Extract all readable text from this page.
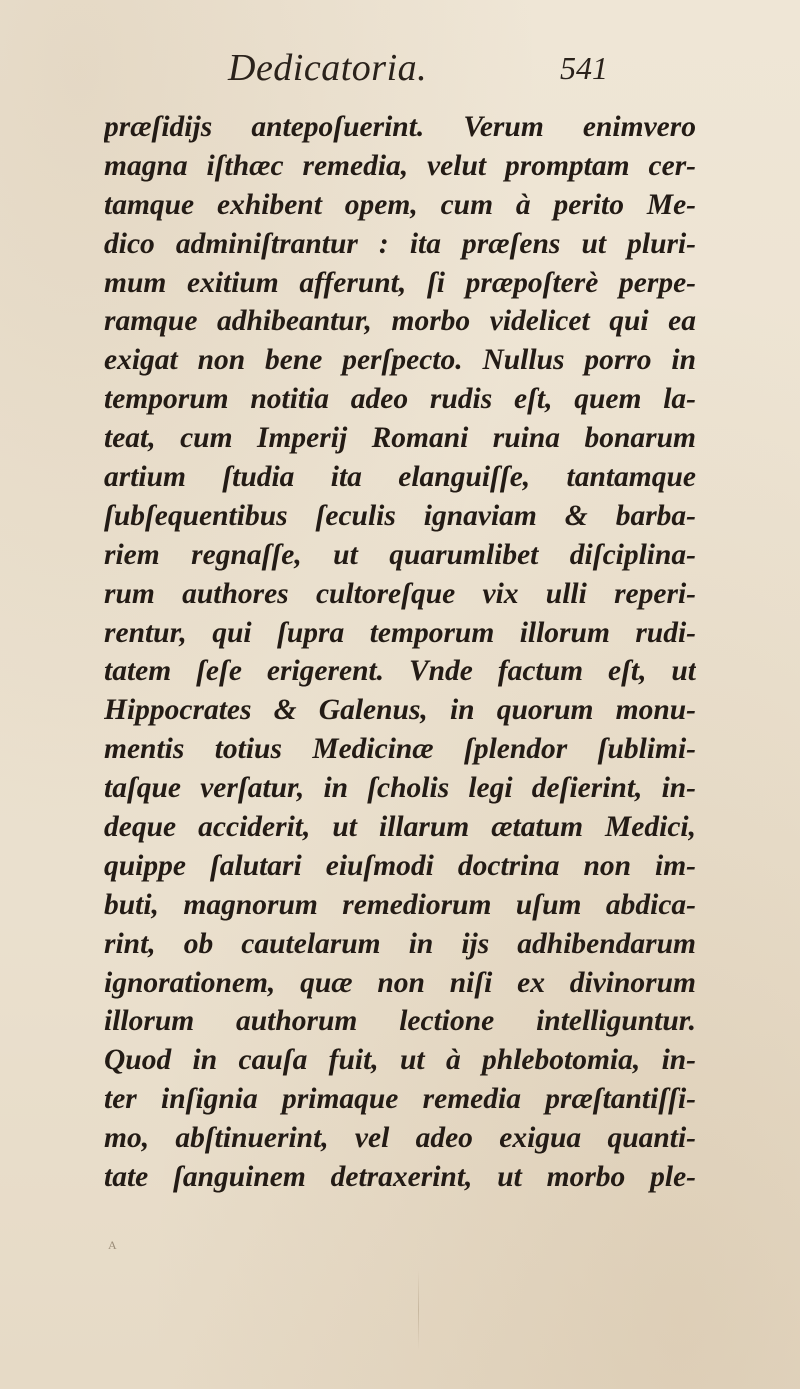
Dedicatoria.	541
præſidijs antepoſuerint. Verum enimvero
magna iſthæc remedia, velut promptam cer-
tamque exhibent opem, cum à perito Me-
dico adminiſtrantur : ita præſens ut pluri-
mum exitium afferunt, ſi præpoſterè perpe-
ramque adhibeantur, morbo videlicet qui ea
exigat non bene perſpecto. Nullus porro in
temporum notitia adeo rudis eſt, quem la-
teat, cum Imperij Romani ruina bonarum
artium ſtudia ita elanguiſſe, tantamque
ſubſequentibus ſeculis ignaviam & barba-
riem regnaſſe, ut quarumlibet diſciplina-
rum authores cultoreſque vix ulli reperi-
rentur, qui ſupra temporum illorum rudi-
tatem ſeſe erigerent. Vnde factum eſt, ut
Hippocrates & Galenus, in quorum monu-
mentis totius Medicinæ ſplendor ſublimi-
taſque verſatur, in ſcholis legi deſierint, in-
deque acciderit, ut illarum ætatum Medici,
quippe ſalutari eiuſmodi doctrina non im-
buti, magnorum remediorum uſum abdica-
rint, ob cautelarum in ijs adhibendarum
ignorationem, quæ non niſi ex divinorum
illorum authorum lectione intelliguntur.
Quod in cauſa fuit, ut à phlebotomia, in-
ter inſignia primaque remedia præſtantiſſi-
mo, abſtinuerint, vel adeo exigua quanti-
tate ſanguinem detraxerint, ut morbo ple-
A
